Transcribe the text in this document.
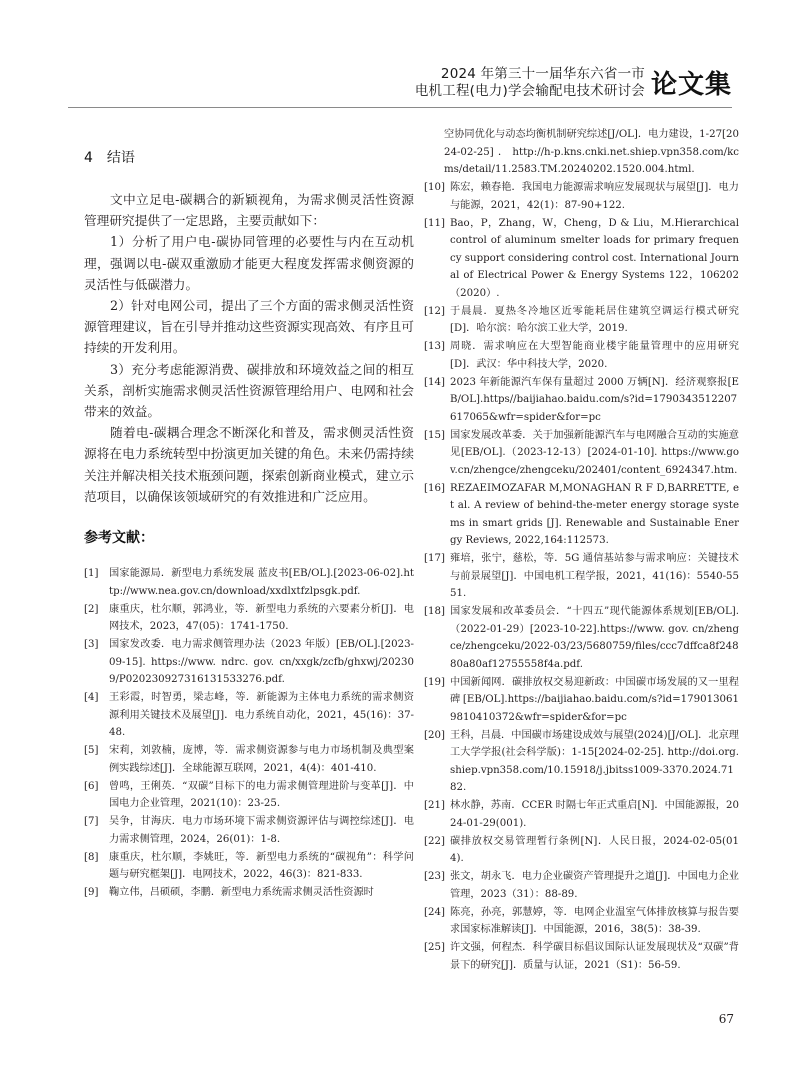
2024 年第三十一届华东六省一市
电机工程(电力)学会输配电技术研讨会 论文集
4　结语

文中立足电-碳耦合的新颖视角，为需求侧灵活性资源管理研究提供了一定思路，主要贡献如下：

1）分析了用户电-碳协同管理的必要性与内在互动机理，强调以电-碳双重激励才能更大程度发挥需求侧资源的灵活性与低碳潜力。

2）针对电网公司，提出了三个方面的需求侧灵活性资源管理建议，旨在引导并推动这些资源实现高效、有序且可持续的开发利用。

3）充分考虑能源消费、碳排放和环境效益之间的相互关系，剖析实施需求侧灵活性资源管理给用户、电网和社会带来的效益。

随着电-碳耦合理念不断深化和普及，需求侧灵活性资源将在电力系统转型中扮演更加关键的角色。未来仍需持续关注并解决相关技术瓶颈问题，探索创新商业模式，建立示范项目，以确保该领域研究的有效推进和广泛应用。

参考文献：
[1]	国家能源局．新型电力系统发展 蓝皮书[EB/OL].[2023-06-02].http://www.nea.gov.cn/download/xxdlxtfzlpsgk.pdf.
[2]	康重庆，杜尔顺，郭鸿业，等．新型电力系统的六要素分析[J]．电网技术，2023，47(05)：1741-1750.
[3]	国家发改委．电力需求侧管理办法（2023 年版）[EB/OL].[2023-09-15]. https://www. ndrc. gov. cn/xxgk/zcfb/ghxwj/202309/P020230927316131533276.pdf.
[4]	王彩霞，时智勇，梁志峰，等．新能源为主体电力系统的需求侧资源利用关键技术及展望[J]．电力系统自动化，2021，45(16)：37-48.
[5]	宋莉，刘敦楠，庞博，等．需求侧资源参与电力市场机制及典型案例实践综述[J]．全球能源互联网，2021，4(4)：401-410.
[6]	曾鸣，王俐英．“双碳”目标下的电力需求侧管理进阶与变革[J]．中国电力企业管理，2021(10)：23-25.
[7]	吴争，甘海庆．电力市场环境下需求侧资源评估与调控综述[J]．电力需求侧管理，2024，26(01)：1-8.
[8]	康重庆，杜尔顺，李姚旺，等．新型电力系统的“碳视角”：科学问题与研究框架[J]．电网技术，2022，46(3)：821-833.
[9]	鞠立伟，吕硕硕，李鹏．新型电力系统需求侧灵活性资源时
空协同优化与动态均衡机制研究综述[J/OL]．电力建设，1-27[2024-02-25]．http://h-p.kns.cnki.net.shiep.vpn358.com/kcms/detail/11.2583.TM.20240202.1520.004.html.
[10] 陈宏，赖春艳．我国电力能源需求响应发展现状与展望[J]．电力与能源，2021，42(1)：87-90+122.
[11] Bao，P，Zhang，W，Cheng，D & Liu，M.Hierarchical control of aluminum smelter loads for primary frequency support considering control cost. International Journal of Electrical Power & Energy Systems 122，106202（2020）.
[12] 于晨晨．夏热冬冷地区近零能耗居住建筑空调运行模式研究[D]．哈尔滨：哈尔滨工业大学，2019.
[13] 周晓．需求响应在大型智能商业楼宇能量管理中的应用研究[D]．武汉：华中科技大学，2020.
[14] 2023 年新能源汽车保有量超过 2000 万辆[N]．经济观察报[EB/OL].https//baijiahao.baidu.com/s?id=1790343512207617065&wfr=spider&for=pc
[15] 国家发展改革委．关于加强新能源汽车与电网融合互动的实施意见[EB/OL].（2023-12-13）[2024-01-10]. https://www.gov.cn/zhengce/zhengceku/202401/content_6924347.htm.
[16] REZAEIMOZAFAR M,MONAGHAN R F D,BARRETTE, et al. A review of behind-the-meter energy storage systems in smart grids [J]. Renewable and Sustainable Energy Reviews, 2022,164:112573.
[17] 雍培，张宁，慈松，等．5G 通信基站参与需求响应：关键技术与前景展望[J]．中国电机工程学报，2021，41(16)：5540-5551.
[18] 国家发展和改革委员会．“十四五”现代能源体系规划[EB/OL].（2022-01-29）[2023-10-22].https://www. gov. cn/zhengce/zhengceku/2022-03/23/5680759/files/ccc7dffca8f24880a80af12755558f4a.pdf.
[19] 中国新闻网．碳排放权交易迎新政：中国碳市场发展的又一里程碑[EB/OL].https://baijiahao.baidu.com/s?id=1790130619810410372&wfr=spider&for=pc
[20] 王科，吕晨．中国碳市场建设成效与展望(2024)[J/OL]．北京理工大学学报(社会科学版)：1-15[2024-02-25]. http://doi.org.shiep.vpn358.com/10.15918/j.jbitss1009-3370.2024.7182.
[21] 林水静，苏南．CCER 时隔七年正式重启[N]．中国能源报，2024-01-29(001).
[22] 碳排放权交易管理暂行条例[N]．人民日报，2024-02-05(014).
[23] 张文，胡永飞．电力企业碳资产管理提升之道[J]．中国电力企业管理，2023（31）：88-89.
[24] 陈亮，孙亮，郭慧婷，等．电网企业温室气体排放核算与报告要求国家标准解读[J]．中国能源，2016，38(5)：38-39.
[25] 许文强，何程杰．科学碳目标倡议国际认证发展现状及“双碳”背景下的研究[J]．质量与认证，2021（S1)：56-59.
67
